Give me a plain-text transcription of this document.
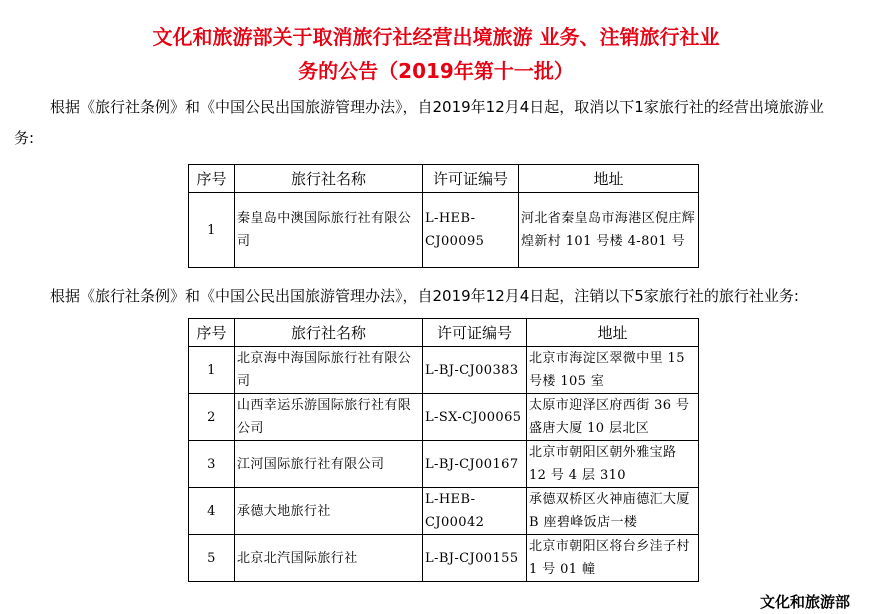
文化和旅游部关于取消旅行社经营出境旅游 业务、注销旅行社业
务的公告（2019年第十一批）
根据《旅行社条例》和《中国公民出国旅游管理办法》，自2019年12月4日起，取消以下1家旅行社的经营出境旅游业
务:
序号	旅行社名称	许可证编号	地址
1	秦皇岛中澳国际旅行社有限公司	L-HEB-CJ00095	河北省秦皇岛市海港区倪庄辉煌新村 101 号楼 4-801 号
根据《旅行社条例》和《中国公民出国旅游管理办法》，自2019年12月4日起，注销以下5家旅行社的旅行社业务:
序号	旅行社名称	许可证编号	地址
1	北京海中海国际旅行社有限公司	L-BJ-CJ00383	北京市海淀区翠微中里 15 号楼 105 室
2	山西幸运乐游国际旅行社有限公司	L-SX-CJ00065	太原市迎泽区府西街 36 号盛唐大厦 10 层北区
3	江河国际旅行社有限公司	L-BJ-CJ00167	北京市朝阳区朝外雅宝路 12 号 4 层 310
4	承德大地旅行社	L-HEB-CJ00042	承德双桥区火神庙德汇大厦 B 座碧峰饭店一楼
5	北京北汽国际旅行社	L-BJ-CJ00155	北京市朝阳区将台乡洼子村 1 号 01 幢
文化和旅游部
